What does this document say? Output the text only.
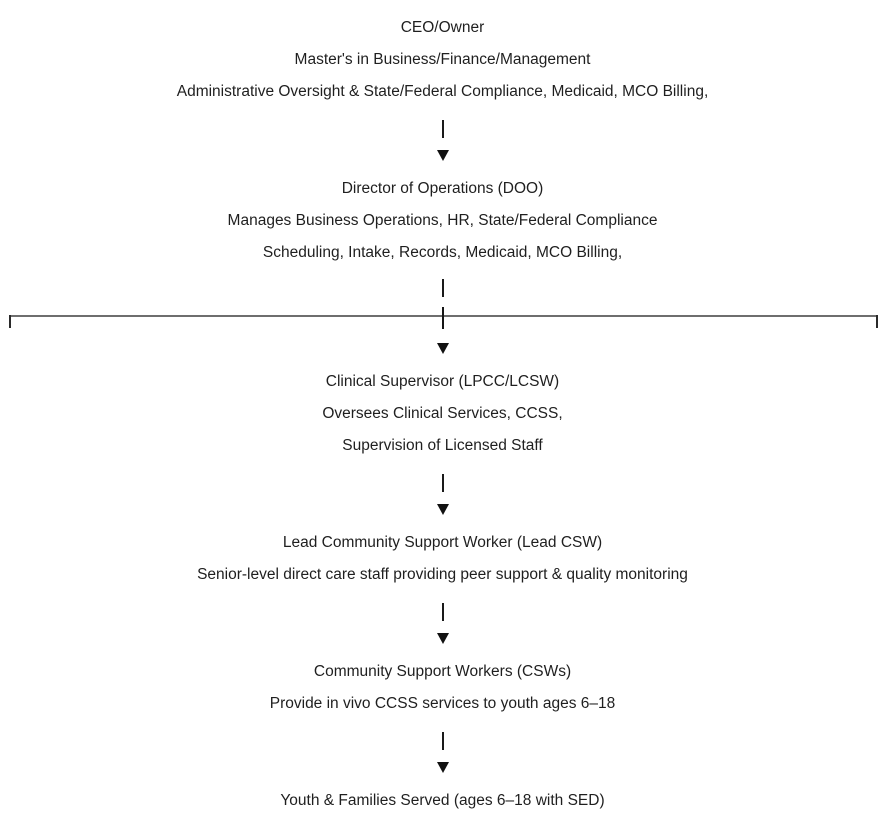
CEO/Owner
Master's in Business/Finance/Management
Administrative Oversight & State/Federal Compliance, Medicaid, MCO Billing,
Director of Operations (DOO)
Manages Business Operations, HR, State/Federal Compliance
Scheduling, Intake, Records, Medicaid, MCO Billing,
Clinical Supervisor (LPCC/LCSW)
Oversees Clinical Services, CCSS,
Supervision of Licensed Staff
Lead Community Support Worker (Lead CSW)
Senior-level direct care staff providing peer support & quality monitoring
Community Support Workers (CSWs)
Provide in vivo CCSS services to youth ages 6–18
Youth & Families Served (ages 6–18 with SED)
